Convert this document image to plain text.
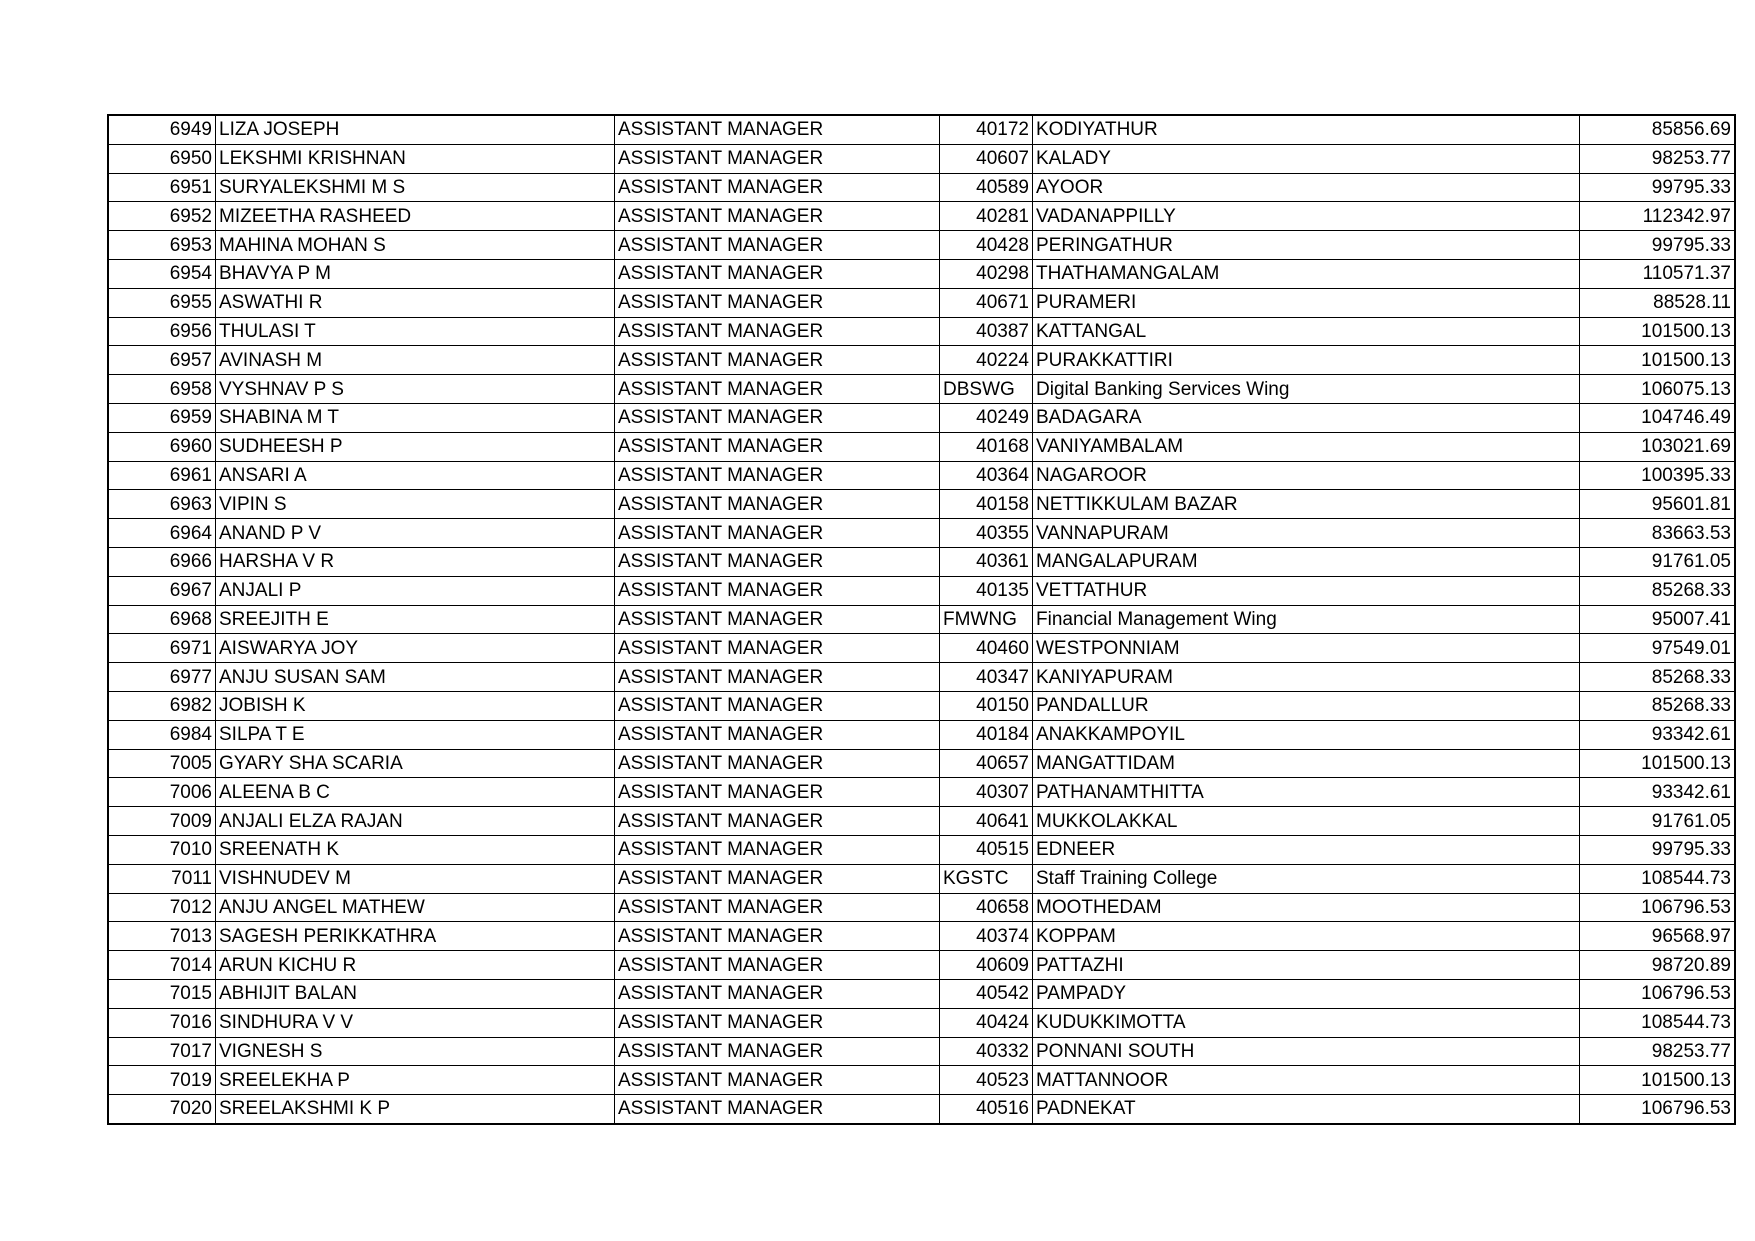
6949	LIZA JOSEPH	ASSISTANT MANAGER	40172	KODIYATHUR	85856.69
6950	LEKSHMI KRISHNAN	ASSISTANT MANAGER	40607	KALADY	98253.77
6951	SURYALEKSHMI M S	ASSISTANT MANAGER	40589	AYOOR	99795.33
6952	MIZEETHA RASHEED	ASSISTANT MANAGER	40281	VADANAPPILLY	112342.97
6953	MAHINA MOHAN S	ASSISTANT MANAGER	40428	PERINGATHUR	99795.33
6954	BHAVYA P M	ASSISTANT MANAGER	40298	THATHAMANGALAM	110571.37
6955	ASWATHI R	ASSISTANT MANAGER	40671	PURAMERI	88528.11
6956	THULASI T	ASSISTANT MANAGER	40387	KATTANGAL	101500.13
6957	AVINASH M	ASSISTANT MANAGER	40224	PURAKKATTIRI	101500.13
6958	VYSHNAV P S	ASSISTANT MANAGER	DBSWG	Digital Banking Services Wing	106075.13
6959	SHABINA M T	ASSISTANT MANAGER	40249	BADAGARA	104746.49
6960	SUDHEESH P	ASSISTANT MANAGER	40168	VANIYAMBALAM	103021.69
6961	ANSARI A	ASSISTANT MANAGER	40364	NAGAROOR	100395.33
6963	VIPIN S	ASSISTANT MANAGER	40158	NETTIKKULAM BAZAR	95601.81
6964	ANAND P V	ASSISTANT MANAGER	40355	VANNAPURAM	83663.53
6966	HARSHA V R	ASSISTANT MANAGER	40361	MANGALAPURAM	91761.05
6967	ANJALI P	ASSISTANT MANAGER	40135	VETTATHUR	85268.33
6968	SREEJITH E	ASSISTANT MANAGER	FMWNG	Financial Management Wing	95007.41
6971	AISWARYA JOY	ASSISTANT MANAGER	40460	WESTPONNIAM	97549.01
6977	ANJU SUSAN SAM	ASSISTANT MANAGER	40347	KANIYAPURAM	85268.33
6982	JOBISH K	ASSISTANT MANAGER	40150	PANDALLUR	85268.33
6984	SILPA T E	ASSISTANT MANAGER	40184	ANAKKAMPOYIL	93342.61
7005	GYARY SHA SCARIA	ASSISTANT MANAGER	40657	MANGATTIDAM	101500.13
7006	ALEENA B C	ASSISTANT MANAGER	40307	PATHANAMTHITTA	93342.61
7009	ANJALI ELZA RAJAN	ASSISTANT MANAGER	40641	MUKKOLAKKAL	91761.05
7010	SREENATH K	ASSISTANT MANAGER	40515	EDNEER	99795.33
7011	VISHNUDEV M	ASSISTANT MANAGER	KGSTC	Staff Training College	108544.73
7012	ANJU ANGEL MATHEW	ASSISTANT MANAGER	40658	MOOTHEDAM	106796.53
7013	SAGESH PERIKKATHRA	ASSISTANT MANAGER	40374	KOPPAM	96568.97
7014	ARUN KICHU R	ASSISTANT MANAGER	40609	PATTAZHI	98720.89
7015	ABHIJIT BALAN	ASSISTANT MANAGER	40542	PAMPADY	106796.53
7016	SINDHURA V V	ASSISTANT MANAGER	40424	KUDUKKIMOTTA	108544.73
7017	VIGNESH S	ASSISTANT MANAGER	40332	PONNANI SOUTH	98253.77
7019	SREELEKHA P	ASSISTANT MANAGER	40523	MATTANNOOR	101500.13
7020	SREELAKSHMI K P	ASSISTANT MANAGER	40516	PADNEKAT	106796.53
